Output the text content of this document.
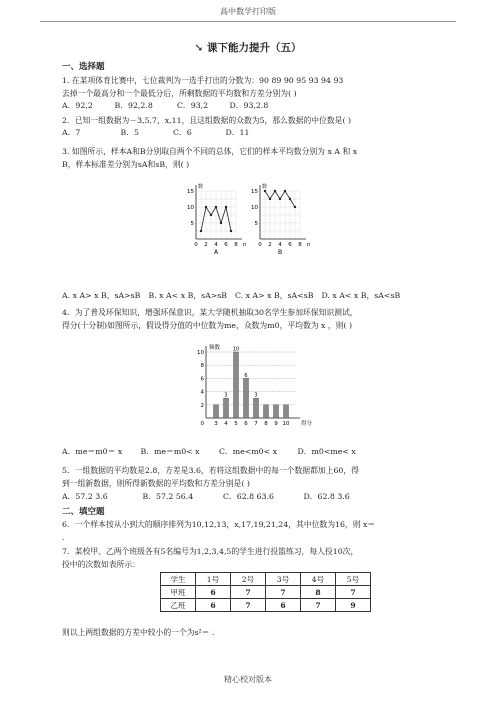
高中数学打印版
➘ 课下能力提升（五）
一、选择题
1. 在某项体育比赛中，七位裁判为一选手打出的分数为：90 89 90 95 93 94 93
去掉一个最高分和一个最低分后，所剩数据的平均数和方差分别为( )
A．92,2	B．92,2.8	C．93,2	D．93,2.8
2．已知一组数据为－3,5,7，x,11，且这组数据的众数为5，那么数据的中位数是( )
A．7	B．5	C．6	D．11
3. 如图所示，样本A和B分别取自两个不同的总体，它们的样本平均数分别为 x A 和 x
B，样本标准差分别为sA和sB，则( )
15
10
5
0 2 4 6 8
数
n
A
15
10
5
0 2 4 6 8
数
n
B
A. x A> x B，sA>sB B. x A< x B，sA>sB C. x A> x B，sA<sB D. x A< x B，sA<sB
4．为了普及环保知识，增强环保意识，某大学随机抽取30名学生参加环保知识测试，
得分(十分制)如图所示，假设得分值的中位数为me，众数为m0，平均数为 x ，则( )
2
4
6
8
10
频数
0 3 4
3
5
10
6
6
7
3
8 9 10 得分
A．me＝m0＝ x B．me＝m0< x C．me<m0< x	D．m0<me< x
5．一组数据的平均数是2.8，方差是3.6，若将这组数据中的每一个数据都加上60，得
到一组新数据，则所得新数据的平均数和方差分别是( )
A．57.2 3.6	B．57.2 56.4	C．62.8 63.6	D．62.8 3.6
二、填空题
6．一个样本按从小到大的顺序排列为10,12,13，x,17,19,21,24，其中位数为16，则 x＝
.
7．某校甲、乙两个班级各有5名编号为1,2,3,4,5的学生进行投篮练习，每人投10次，
投中的次数如表所示：
学生	1号	2号	3号	4号	5号
甲班	6	7	7	8	7
乙班	6	7	6	7	9
则以上两组数据的方差中较小的一个为s²＝ .
精心校对版本
